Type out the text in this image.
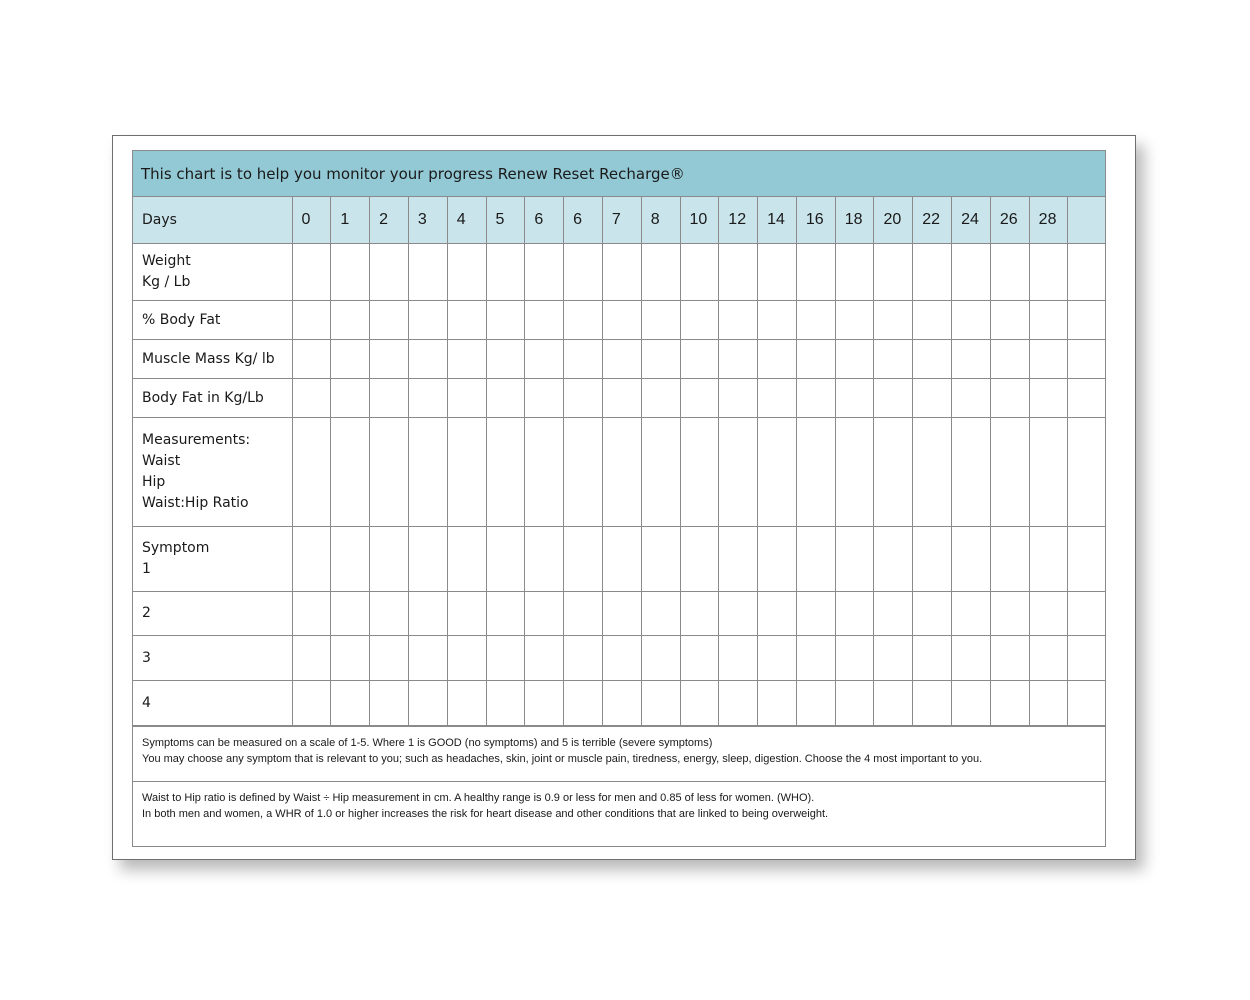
This chart is to help you monitor your progress Renew Reset Recharge®
Days	0	1	2	3	4	5	6	6	7	8	10	12	14	16	18	20	22	24	26	28	

Weight
Kg / Lb																					

% Body Fat																					

Muscle Mass Kg/ lb																					

Body Fat in Kg/Lb																					

Measurements:
Waist
Hip
Waist:Hip Ratio																					

Symptom
1																					

2																					

3																					

4																					

Symptoms can be measured on a scale of 1-5. Where 1 is GOOD (no symptoms) and 5 is terrible (severe symptoms)
You may choose any symptom that is relevant to you; such as headaches, skin, joint or muscle pain, tiredness, energy, sleep, digestion. Choose the 4 most important to you.
Waist to Hip ratio is defined by Waist ÷ Hip measurement in cm. A healthy range is 0.9 or less for men and 0.85 of less for women. (WHO).
In both men and women, a WHR of 1.0 or higher increases the risk for heart disease and other conditions that are linked to being overweight.
